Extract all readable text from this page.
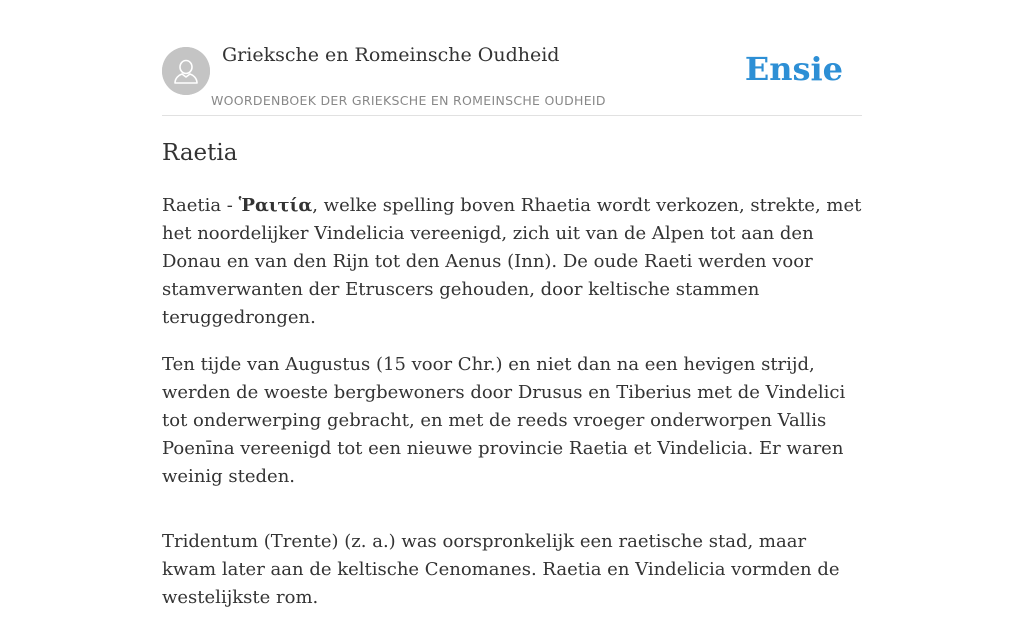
Grieksche en Romeinsche Oudheid
WOORDENBOEK DER GRIEKSCHE EN ROMEINSCHE OUDHEID
Ensie
Raetia

Raetia - Ῥαιτία, welke spelling boven Rhaetia wordt verkozen, strekte, met het noordelijker Vindelicia vereenigd, zich uit van de Alpen tot aan den Donau en van den Rijn tot den Aenus (Inn). De oude Raeti werden voor stamverwanten der Etruscers gehouden, door keltische stammen teruggedrongen.

Ten tijde van Augustus (15 voor Chr.) en niet dan na een hevigen strijd, werden de woeste bergbewoners door Drusus en Tiberius met de Vindelici tot onderwerping gebracht, en met de reeds vroeger onderworpen Vallis Poenīna vereenigd tot een nieuwe provincie Raetia et Vindelicia. Er waren weinig steden.

Tridentum (Trente) (z. a.) was oorspronkelijk een raetische stad, maar kwam later aan de keltische Cenomanes. Raetia en Vindelicia vormden de westelijkste rom.
